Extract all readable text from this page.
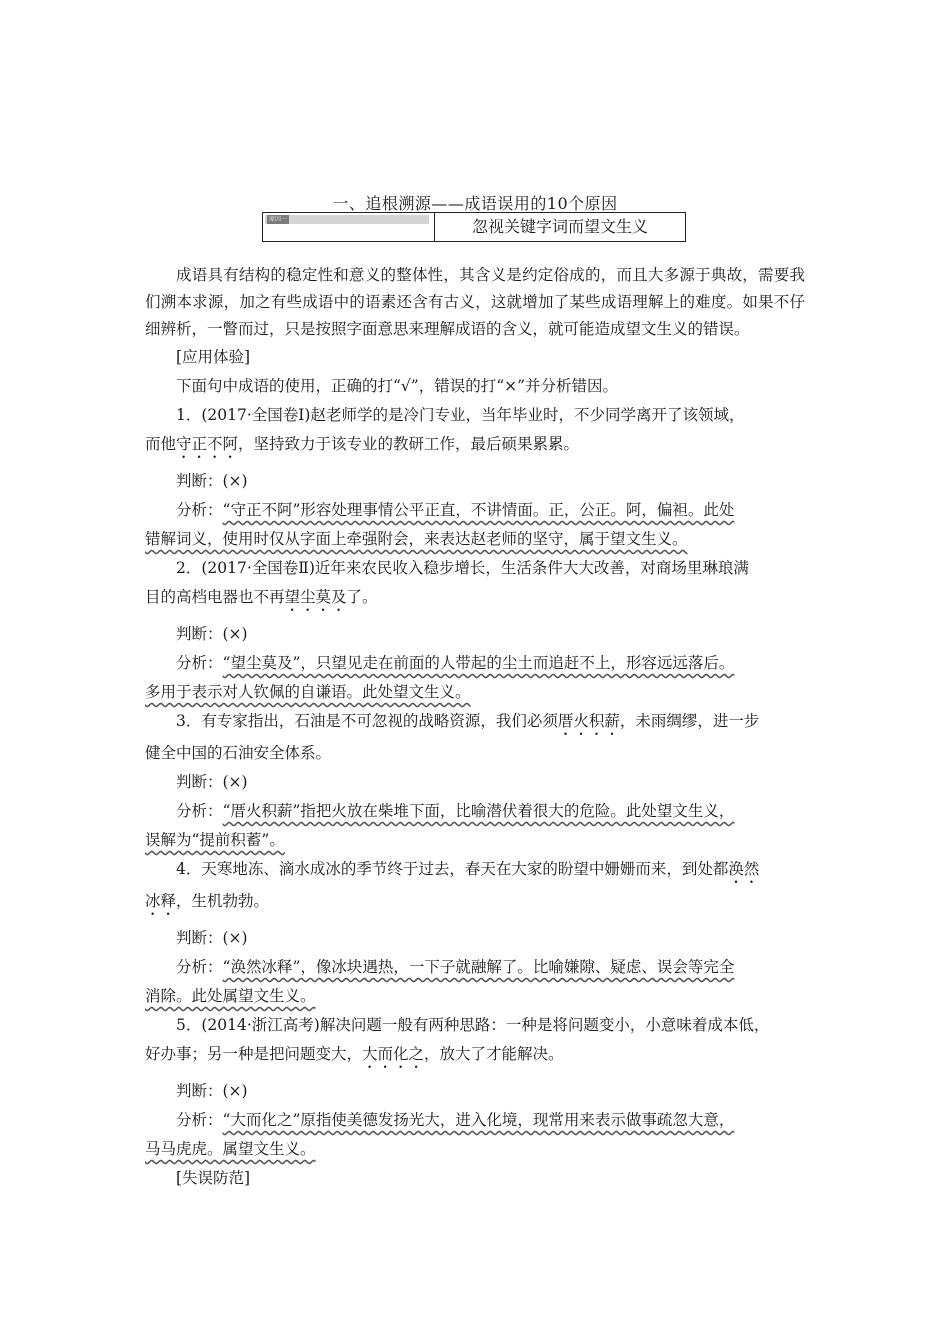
一、追根溯源——成语误用的10个原因
原因一	忽视关键字词而望文生义

成语具有结构的稳定性和意义的整体性，其含义是约定俗成的，而且大多源于典故，需要我们溯本求源，加之有些成语中的语素还含有古义，这就增加了某些成语理解上的难度。如果不仔细辨析，一瞥而过，只是按照字面意思来理解成语的含义，就可能造成望文生义的错误。

[应用体验]

下面句中成语的使用，正确的打“√”，错误的打“×”并分析错因。

1．(2017·全国卷Ⅰ)赵老师学的是冷门专业，当年毕业时，不少同学离开了该领域，

而他守正不阿，坚持致力于该专业的教研工作，最后硕果累累。

判断：(×)

分析：“守正不阿”形容处理事情公平正直，不讲情面。正，公正。阿，偏袒。此处

错解词义，使用时仅从字面上牵强附会，来表达赵老师的坚守，属于望文生义。

2．(2017·全国卷Ⅱ)近年来农民收入稳步增长，生活条件大大改善，对商场里琳琅满

目的高档电器也不再望尘莫及了。

判断：(×)

分析：“望尘莫及”，只望见走在前面的人带起的尘土而追赶不上，形容远远落后。

多用于表示对人钦佩的自谦语。此处望文生义。

3．有专家指出，石油是不可忽视的战略资源，我们必须厝火积薪，未雨绸缪，进一步

健全中国的石油安全体系。

判断：(×)

分析：“厝火积薪”指把火放在柴堆下面，比喻潜伏着很大的危险。此处望文生义，

误解为“提前积蓄”。

4．天寒地冻、滴水成冰的季节终于过去，春天在大家的盼望中姗姗而来，到处都涣然

冰释，生机勃勃。

判断：(×)

分析：“涣然冰释”，像冰块遇热，一下子就融解了。比喻嫌隙、疑虑、误会等完全

消除。此处属望文生义。

5．(2014·浙江高考)解决问题一般有两种思路：一种是将问题变小，小意味着成本低，

好办事；另一种是把问题变大，大而化之，放大了才能解决。

判断：(×)

分析：“大而化之”原指使美德发扬光大，进入化境，现常用来表示做事疏忽大意，

马马虎虎。属望文生义。

[失误防范]
